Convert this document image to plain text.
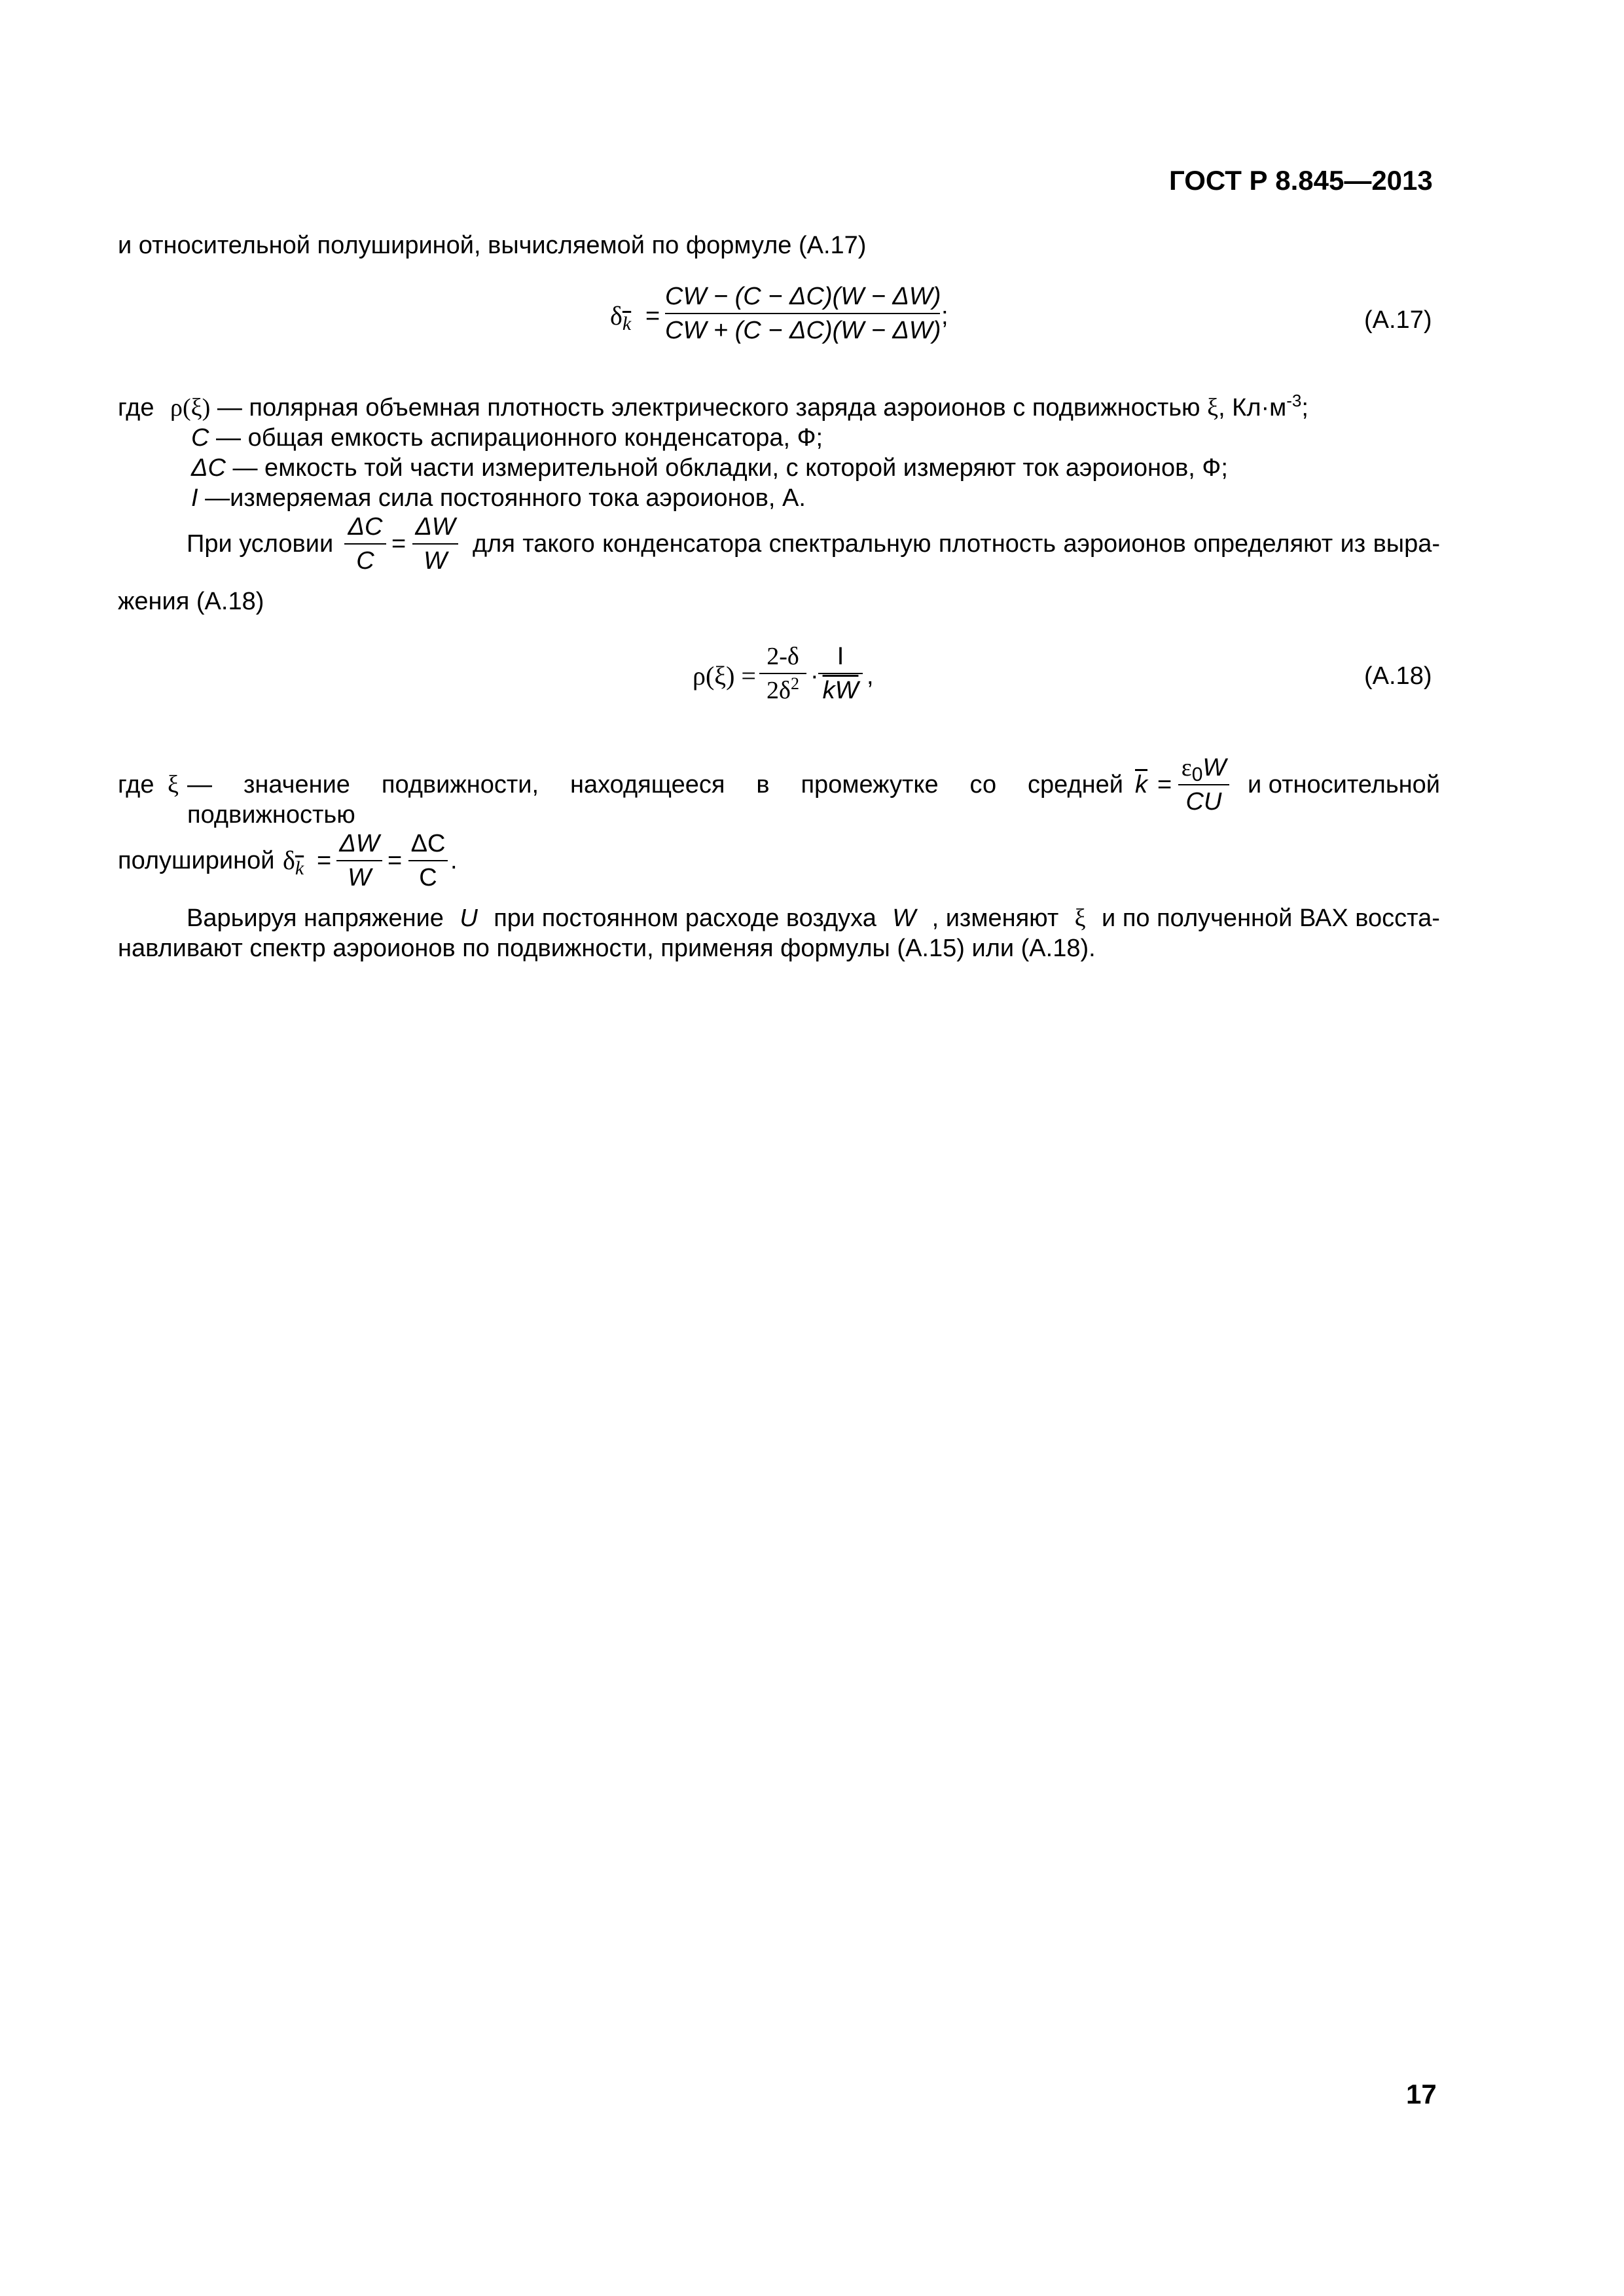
ГОСТ Р 8.845—2013
и относительной полушириной, вычисляемой по формуле (А.17)
$\delta_{\overline{k}}$ =
CW − (C − ΔC)(W − ΔW)
CW + (C − ΔC)(W − ΔW)
;	(А.17)
где ρ(ξ) — полярная объемная плотность электрического заряда аэроионов с подвижностью ξ, $Кл\cdot м^{-3}$;
C — общая емкость аспирационного конденсатора, Ф;
ΔC — емкость той части измерительной обкладки, с которой измеряют ток аэроионов, Ф;
I —измеряемая сила постоянного тока аэроионов, А.
При условии
ΔC
C
=
ΔW
W
для такого конденсатора спектральную плотность аэроионов определяют из выра-
жения (А.18)
ρ(ξ) =
2-δ
$2\delta^2 \cdot \frac{I}{kW}$ ,	(А.18)
где ξ — значение подвижности, находящееся в промежутке со средней подвижностью
$\overline{k}$ =
$\varepsilon_0W$
CU
и относительной
полушириной $\delta_{\overline{k}}$ =
ΔW
W
=
ΔC
C
.
Варьируя напряжение U при постоянном расходе воздуха W , изменяют ξ и по полученной ВАХ восста-
навливают спектр аэроионов по подвижности, применяя формулы (А.15) или (А.18).
17
